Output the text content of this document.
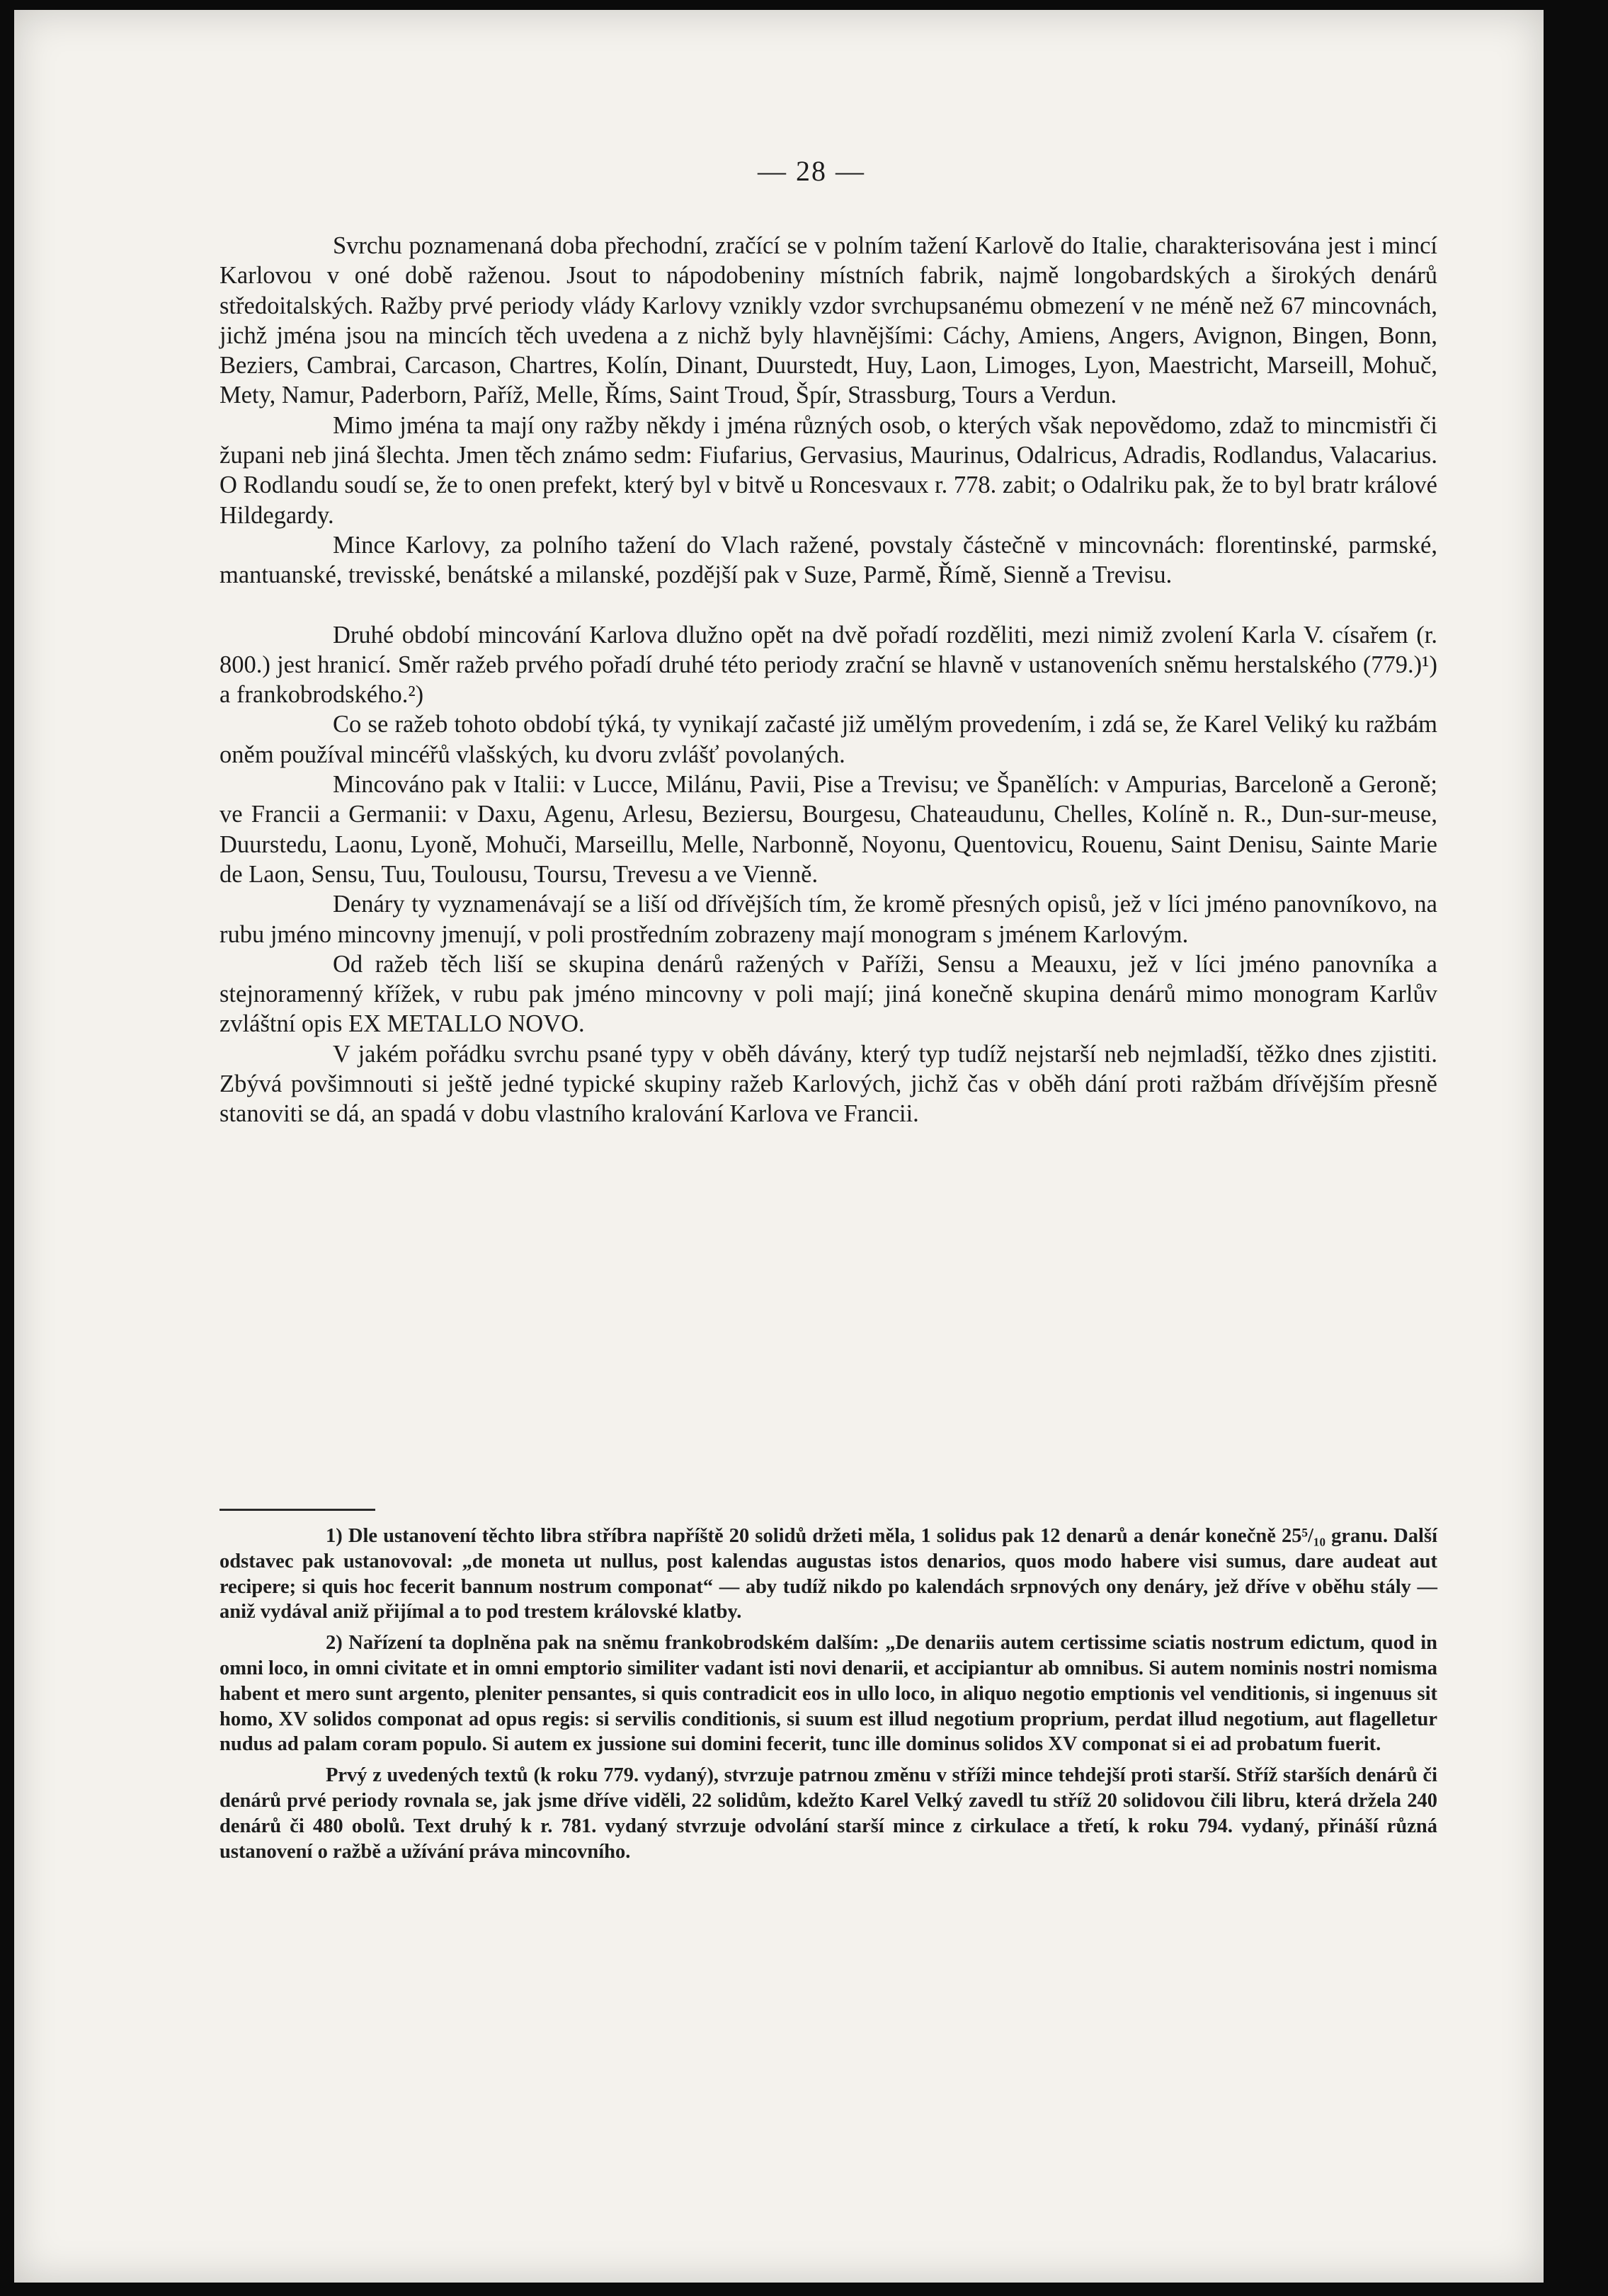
— 28 —

Svrchu poznamenaná doba přechodní, zračící se v polním tažení Karlově do Italie, charakterisována jest i mincí Karlovou v oné době raženou. Jsout to nápodobeniny místních fabrik, najmě longobardských a širokých denárů středoitalských. Ražby prvé periody vlády Karlovy vznikly vzdor svrchupsanému obmezení v ne méně než 67 mincovnách, jichž jména jsou na mincích těch uvedena a z nichž byly hlavnějšími: Cáchy, Amiens, Angers, Avignon, Bingen, Bonn, Beziers, Cambrai, Carcason, Chartres, Kolín, Dinant, Duurstedt, Huy, Laon, Limoges, Lyon, Maestricht, Marseill, Mohuč, Mety, Namur, Paderborn, Paříž, Melle, Říms, Saint Troud, Špír, Strassburg, Tours a Verdun.

Mimo jména ta mají ony ražby někdy i jména různých osob, o kterých však nepovědomo, zdaž to mincmistři či župani neb jiná šlechta. Jmen těch známo sedm: Fiufarius, Gervasius, Maurinus, Odalricus, Adradis, Rodlandus, Valacarius. O Rodlandu soudí se, že to onen prefekt, který byl v bitvě u Roncesvaux r. 778. zabit; o Odalriku pak, že to byl bratr králové Hildegardy.

Mince Karlovy, za polního tažení do Vlach ražené, povstaly částečně v mincovnách: florentinské, parmské, mantuanské, trevisské, benátské a milanské, pozdější pak v Suze, Parmě, Římě, Sienně a Trevisu.

Druhé období mincování Karlova dlužno opět na dvě pořadí rozděliti, mezi nimiž zvolení Karla V. císařem (r. 800.) jest hranicí. Směr ražeb prvého pořadí druhé této periody zrační se hlavně v ustanoveních sněmu herstalského (779.)¹) a frankobrodského.²)

Co se ražeb tohoto období týká, ty vynikají začasté již umělým provedením, i zdá se, že Karel Veliký ku ražbám oněm používal mincéřů vlašských, ku dvoru zvlášť povolaných.

Mincováno pak v Italii: v Lucce, Milánu, Pavii, Pise a Trevisu; ve Španělích: v Ampurias, Barceloně a Geroně; ve Francii a Germanii: v Daxu, Agenu, Arlesu, Beziersu, Bourgesu, Chateaudunu, Chelles, Kolíně n. R., Dun-sur-meuse, Duurstedu, Laonu, Lyoně, Mohuči, Marseillu, Melle, Narbonně, Noyonu, Quentovicu, Rouenu, Saint Denisu, Sainte Marie de Laon, Sensu, Tuu, Toulousu, Toursu, Trevesu a ve Vienně.

Denáry ty vyznamenávají se a liší od dřívějších tím, že kromě přesných opisů, jež v líci jméno panovníkovo, na rubu jméno mincovny jmenují, v poli prostředním zobrazeny mají monogram s jménem Karlovým.

Od ražeb těch liší se skupina denárů ražených v Paříži, Sensu a Meauxu, jež v líci jméno panovníka a stejnoramenný křížek, v rubu pak jméno mincovny v poli mají; jiná konečně skupina denárů mimo monogram Karlův zvláštní opis EX METALLO NOVO.

V jakém pořádku svrchu psané typy v oběh dávány, který typ tudíž nejstarší neb nejmladší, těžko dnes zjistiti. Zbývá povšimnouti si ještě jedné typické skupiny ražeb Karlových, jichž čas v oběh dání proti ražbám dřívějším přesně stanoviti se dá, an spadá v dobu vlastního kralování Karlova ve Francii.

1) Dle ustanovení těchto libra stříbra napříště 20 solidů držeti měla, 1 solidus pak 12 denarů a denár konečně 25⁵/₁₀ granu. Další odstavec pak ustanovoval: „de moneta ut nullus, post kalendas augustas istos denarios, quos modo habere visi sumus, dare audeat aut recipere; si quis hoc fecerit bannum nostrum componat“ — aby tudíž nikdo po kalendách srpnových ony denáry, jež dříve v oběhu stály — aniž vydával aniž přijímal a to pod trestem královské klatby.

2) Nařízení ta doplněna pak na sněmu frankobrodském dalším: „De denariis autem certissime sciatis nostrum edictum, quod in omni loco, in omni civitate et in omni emptorio similiter vadant isti novi denarii, et accipiantur ab omnibus. Si autem nominis nostri nomisma habent et mero sunt argento, pleniter pensantes, si quis contradicit eos in ullo loco, in aliquo negotio emptionis vel venditionis, si ingenuus sit homo, XV solidos componat ad opus regis: si servilis conditionis, si suum est illud negotium proprium, perdat illud negotium, aut flagelletur nudus ad palam coram populo. Si autem ex jussione sui domini fecerit, tunc ille dominus solidos XV componat si ei ad probatum fuerit.

Prvý z uvedených textů (k roku 779. vydaný), stvrzuje patrnou změnu v stříži mince tehdejší proti starší. Stříž starších denárů či denárů prvé periody rovnala se, jak jsme dříve viděli, 22 solidům, kdežto Karel Velký zavedl tu stříž 20 solidovou čili libru, která držela 240 denárů či 480 obolů. Text druhý k r. 781. vydaný stvrzuje odvolání starší mince z cirkulace a třetí, k roku 794. vydaný, přináší různá ustanovení o ražbě a užívání práva mincovního.
